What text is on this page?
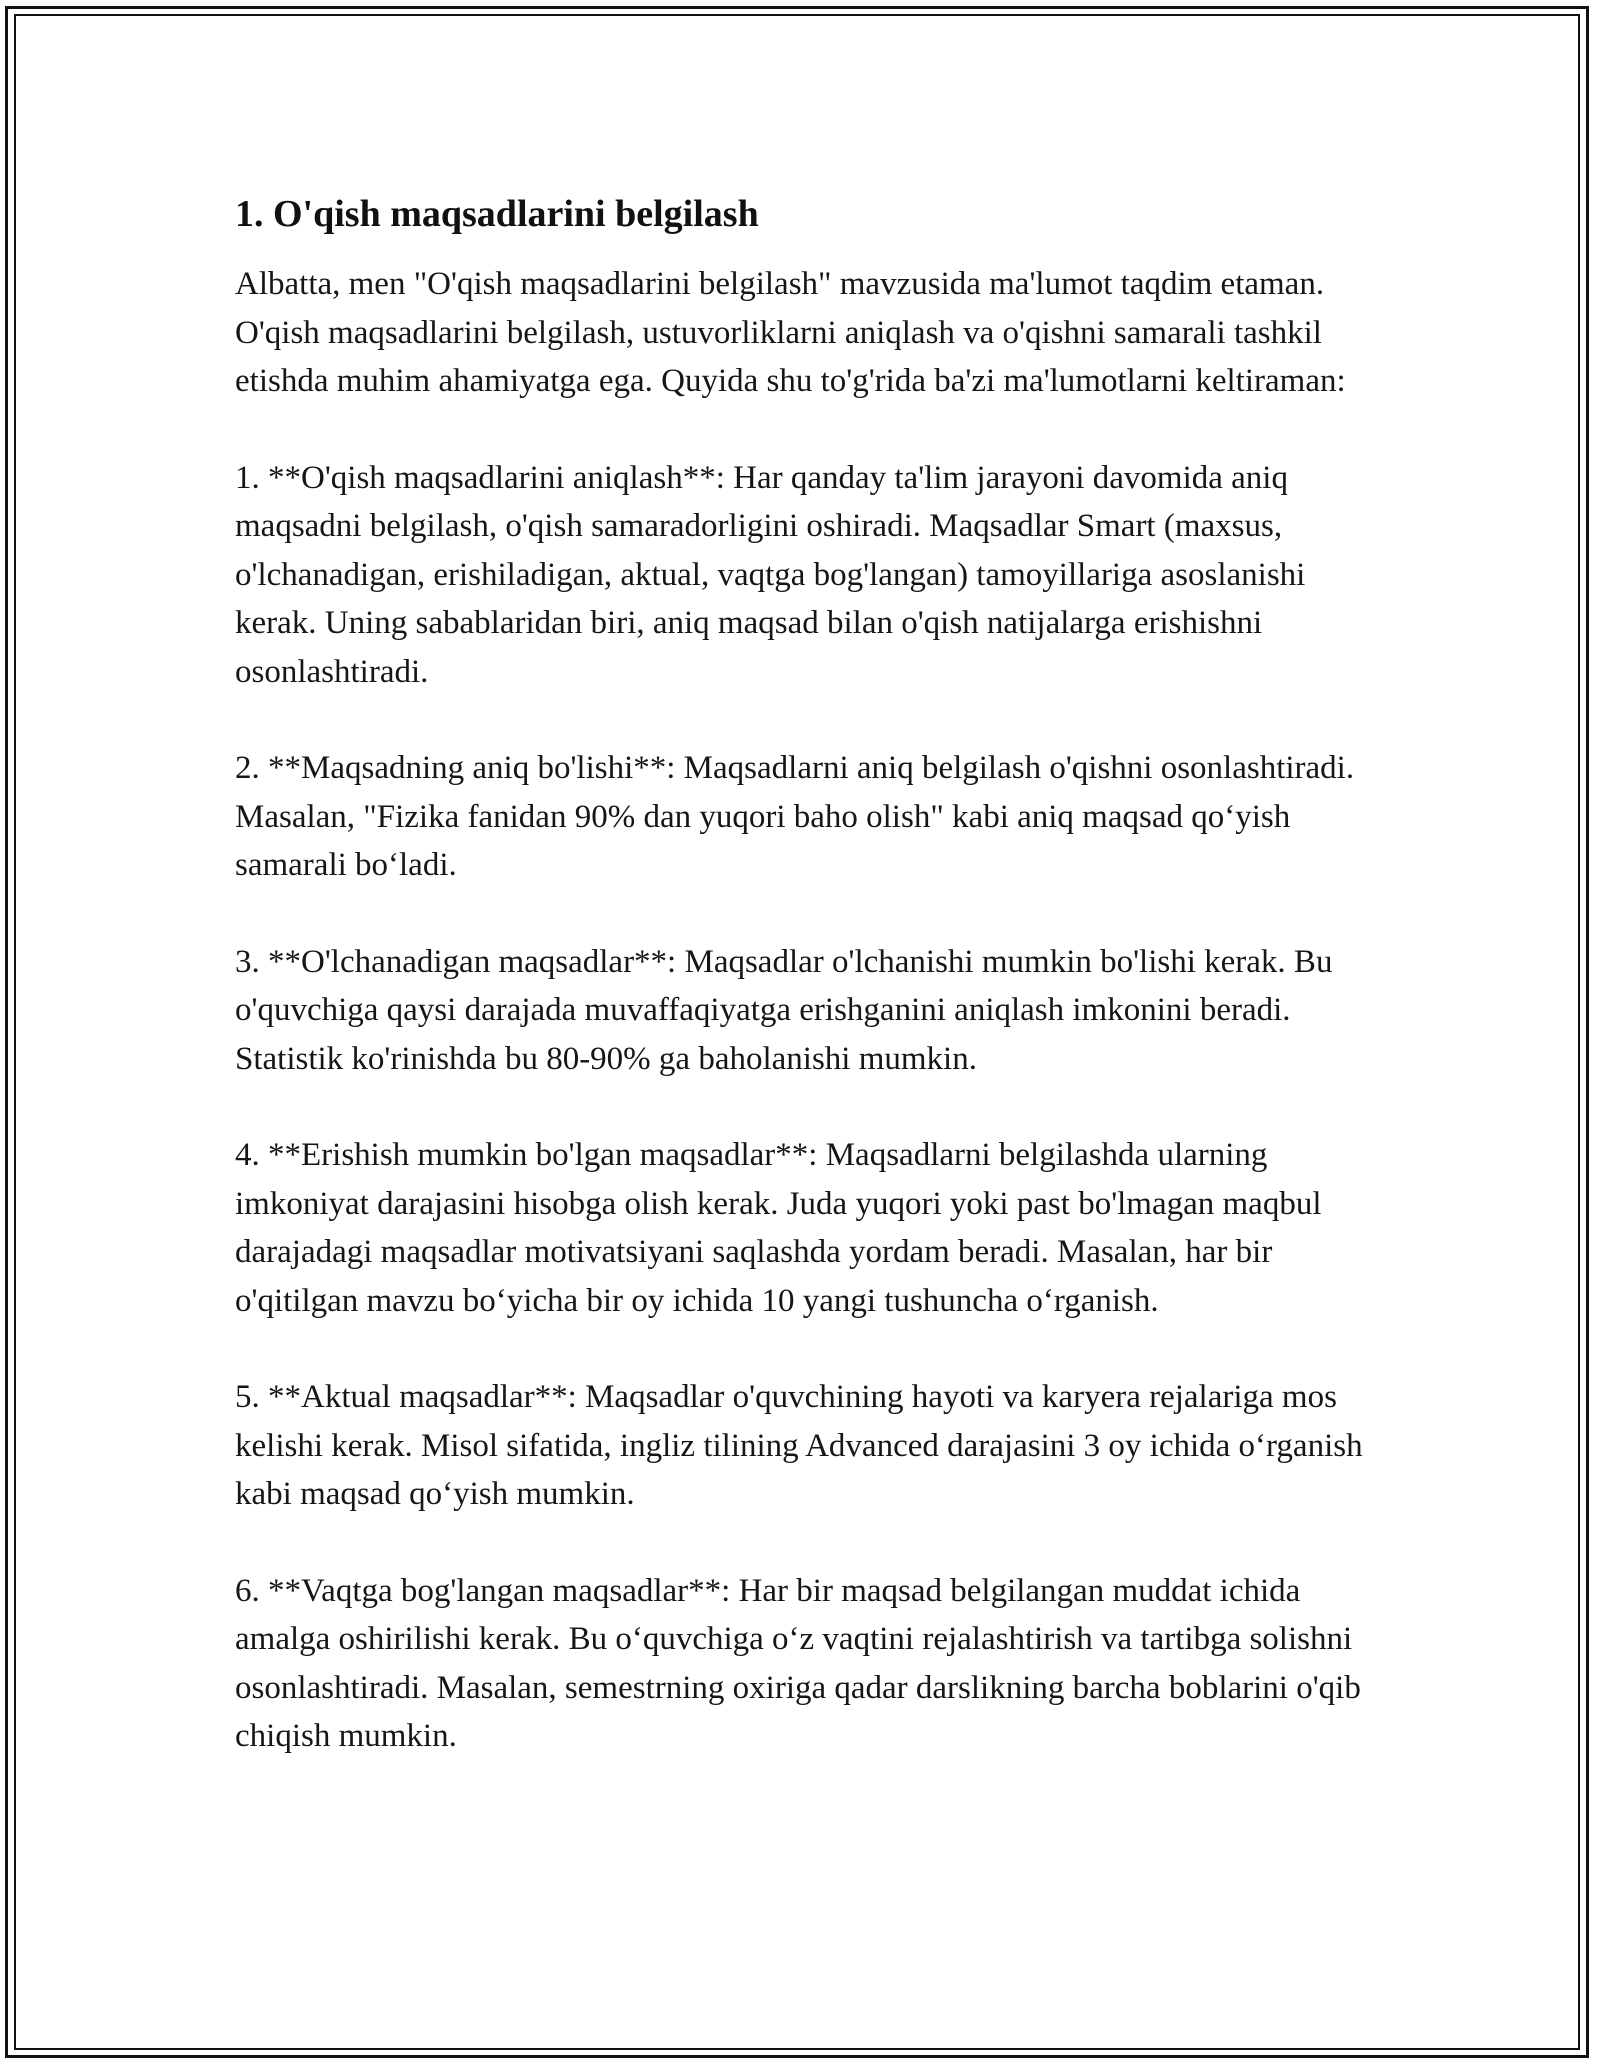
1. O'qish maqsadlarini belgilash

Albatta, men "O'qish maqsadlarini belgilash" mavzusida ma'lumot taqdim etaman. O'qish maqsadlarini belgilash, ustuvorliklarni aniqlash va o'qishni samarali tashkil etishda muhim ahamiyatga ega. Quyida shu to'g'rida ba'zi ma'lumotlarni keltiraman:

1. **O'qish maqsadlarini aniqlash**: Har qanday ta'lim jarayoni davomida aniq maqsadni belgilash, o'qish samaradorligini oshiradi. Maqsadlar Smart (maxsus, o'lchanadigan, erishiladigan, aktual, vaqtga bog'langan) tamoyillariga asoslanishi kerak. Uning sabablaridan biri, aniq maqsad bilan o'qish natijalarga erishishni osonlashtiradi.

2. **Maqsadning aniq bo'lishi**: Maqsadlarni aniq belgilash o'qishni osonlashtiradi. Masalan, "Fizika fanidan 90% dan yuqori baho olish" kabi aniq maqsad qo‘yish samarali bo‘ladi.

3. **O'lchanadigan maqsadlar**: Maqsadlar o'lchanishi mumkin bo'lishi kerak. Bu o'quvchiga qaysi darajada muvaffaqiyatga erishganini aniqlash imkonini beradi. Statistik ko'rinishda bu 80-90% ga baholanishi mumkin.

4. **Erishish mumkin bo'lgan maqsadlar**: Maqsadlarni belgilashda ularning imkoniyat darajasini hisobga olish kerak. Juda yuqori yoki past bo'lmagan maqbul darajadagi maqsadlar motivatsiyani saqlashda yordam beradi. Masalan, har bir o'qitilgan mavzu bo‘yicha bir oy ichida 10 yangi tushuncha o‘rganish.

5. **Aktual maqsadlar**: Maqsadlar o'quvchining hayoti va karyera rejalariga mos kelishi kerak. Misol sifatida, ingliz tilining Advanced darajasini 3 oy ichida o‘rganish kabi maqsad qo‘yish mumkin.

6. **Vaqtga bog'langan maqsadlar**: Har bir maqsad belgilangan muddat ichida amalga oshirilishi kerak. Bu o‘quvchiga o‘z vaqtini rejalashtirish va tartibga solishni osonlashtiradi. Masalan, semestrning oxiriga qadar darslikning barcha boblarini o'qib chiqish mumkin.
